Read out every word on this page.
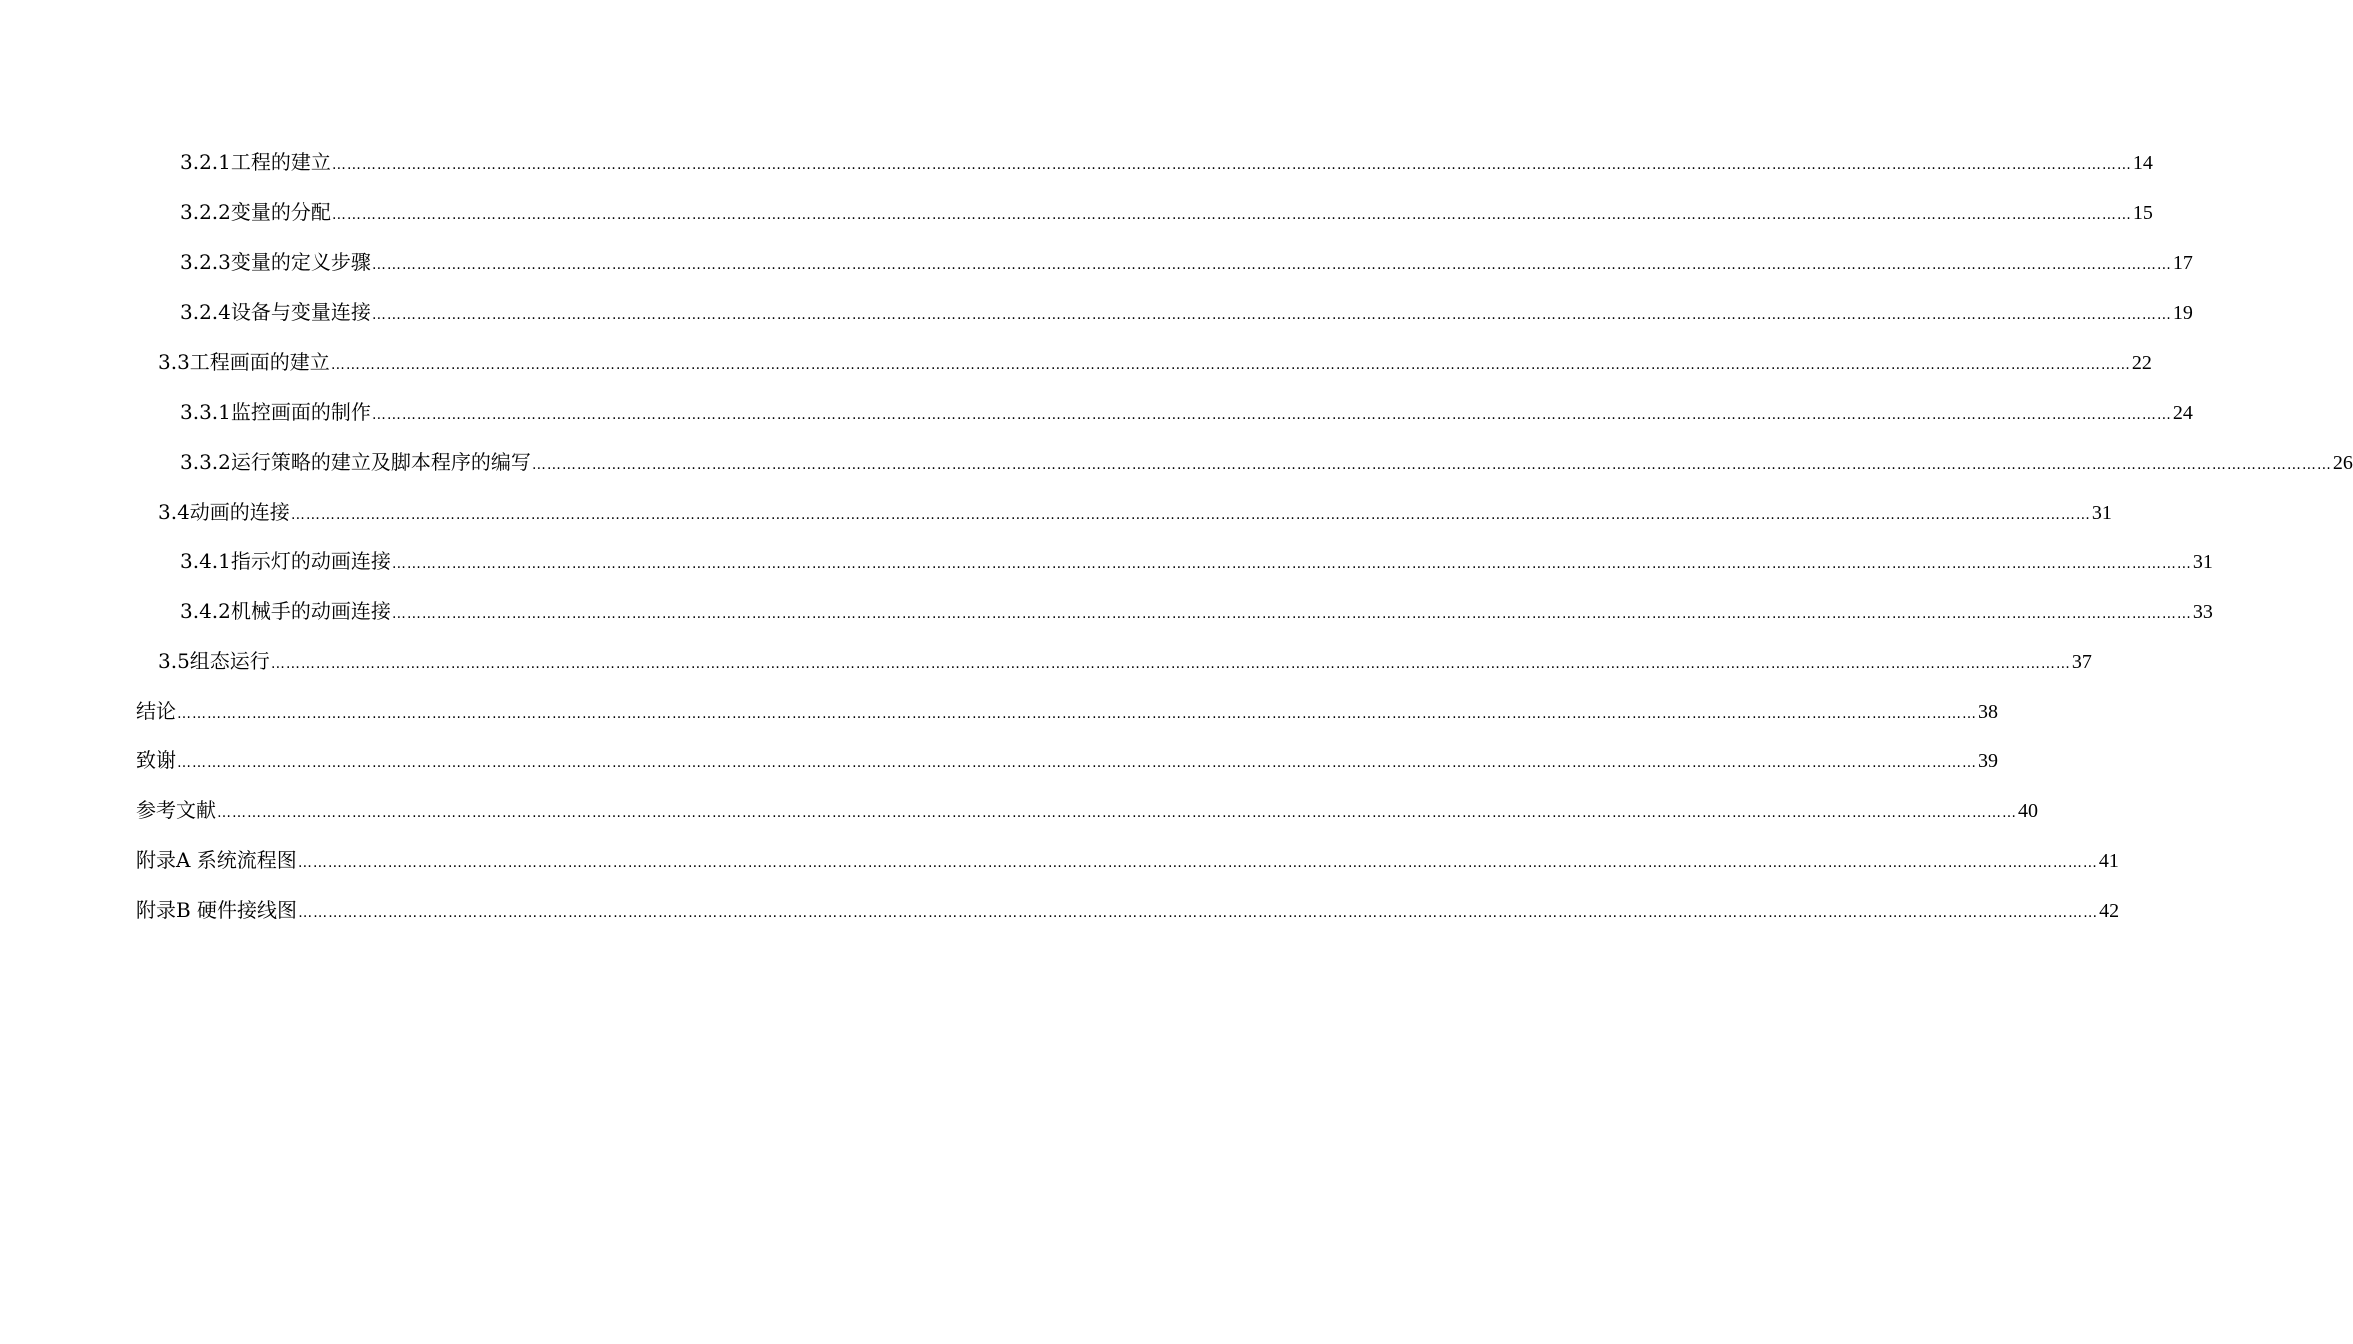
3.2.1工程的建立 ……………………………………………………………………………………………………………………………………………………………………………………………………………………………………………………………………………………………………………………………… 14
3.2.2变量的分配 ……………………………………………………………………………………………………………………………………………………………………………………………………………………………………………………………………………………………………………………………… 15
3.2.3变量的定义步骤 ……………………………………………………………………………………………………………………………………………………………………………………………………………………………………………………………………………………………………………………………… 17
3.2.4设备与变量连接 ……………………………………………………………………………………………………………………………………………………………………………………………………………………………………………………………………………………………………………………………… 19
3.3工程画面的建立 ……………………………………………………………………………………………………………………………………………………………………………………………………………………………………………………………………………………………………………………………… 22
3.3.1监控画面的制作 ……………………………………………………………………………………………………………………………………………………………………………………………………………………………………………………………………………………………………………………………… 24
3.3.2运行策略的建立及脚本程序的编写 ……………………………………………………………………………………………………………………………………………………………………………………………………………………………………………………………………………………………………………………………… 26
3.4动画的连接 ……………………………………………………………………………………………………………………………………………………………………………………………………………………………………………………………………………………………………………………………… 31
3.4.1指示灯的动画连接 ……………………………………………………………………………………………………………………………………………………………………………………………………………………………………………………………………………………………………………………………… 31
3.4.2机械手的动画连接 ……………………………………………………………………………………………………………………………………………………………………………………………………………………………………………………………………………………………………………………………… 33
3.5组态运行 ……………………………………………………………………………………………………………………………………………………………………………………………………………………………………………………………………………………………………………………………… 37
结论 ……………………………………………………………………………………………………………………………………………………………………………………………………………………………………………………………………………………………………………………………… 38
致谢 ……………………………………………………………………………………………………………………………………………………………………………………………………………………………………………………………………………………………………………………………… 39
参考文献 ……………………………………………………………………………………………………………………………………………………………………………………………………………………………………………………………………………………………………………………………… 40
附录A 系统流程图 ……………………………………………………………………………………………………………………………………………………………………………………………………………………………………………………………………………………………………………………………… 41
附录B 硬件接线图 ……………………………………………………………………………………………………………………………………………………………………………………………………………………………………………………………………………………………………………………………… 42
